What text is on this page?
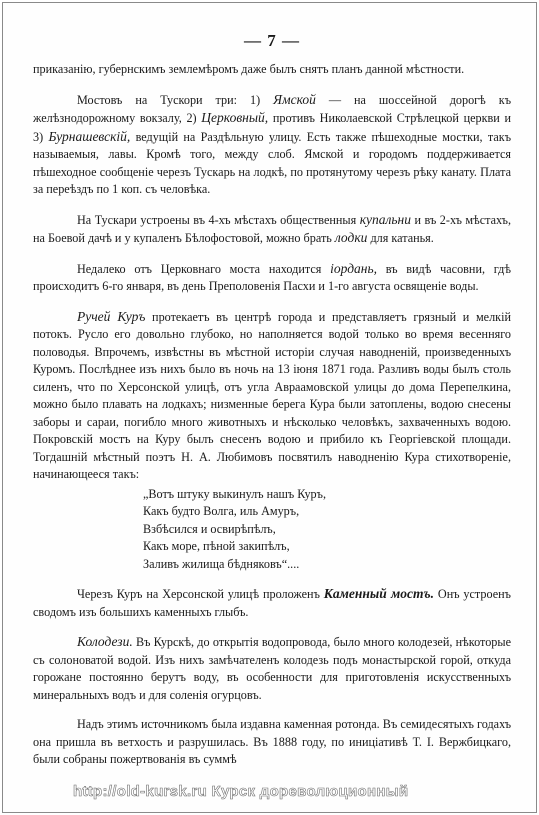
— 7 —

приказанію, губернскимъ землемѣромъ даже былъ снятъ планъ данной мѣстности.

Мостовъ на Тускори три: 1) Ямской — на шоссейной дорогѣ къ желѣзнодорожному вокзалу, 2) Церковный, противъ Николаевской Стрѣлецкой церкви и 3) Бурнашевскій, ведущій на Раздѣльную улицу. Есть также пѣшеходные мостки, такъ называемыя, лавы. Кромѣ того, между слоб. Ямской и городомъ поддерживается пѣшеходное сообщеніе черезъ Тускарь на лодкѣ, по протянутому черезъ рѣку канату. Плата за переѣздъ по 1 коп. съ человѣка.

На Тускари устроены въ 4-хъ мѣстахъ общественныя купальни и въ 2-хъ мѣстахъ, на Боевой дачѣ и у купаленъ Бѣлофостовой, можно брать лодки для катанья.

Недалеко отъ Церковнаго моста находится іордань, въ видѣ часовни, гдѣ происходитъ 6-го января, въ день Преполовенія Пасхи и 1-го августа освященіе воды.

Ручей Куръ протекаетъ въ центрѣ города и представляетъ грязный и мелкій потокъ. Русло его довольно глубоко, но наполняется водой только во время весенняго половодья. Впрочемъ, извѣстны въ мѣстной исторіи случая наводненій, произведенныхъ Куромъ. Послѣднее изъ нихъ было въ ночь на 13 іюня 1871 года. Разливъ воды былъ столь силенъ, что по Херсонской улицѣ, отъ угла Авраамовской улицы до дома Перепелкина, можно было плавать на лодкахъ; низменные берега Кура были затоплены, водою снесены заборы и сараи, погибло много животныхъ и нѣсколько человѣкъ, захваченныхъ водою. Покровскій мостъ на Куру былъ снесенъ водою и прибило къ Георгіевской площади. Тогдашній мѣстный поэтъ Н. А. Любимовъ посвятилъ наводненію Кура стихотвореніе, начинающееся такъ:

„Вотъ штуку выкинулъ нашъ Куръ,
Какъ будто Волга, иль Амуръ,
Взбѣсился и освирѣпѣлъ,
Какъ море, пѣной закипѣлъ,
Заливъ жилища бѣдняковъ“....

Черезъ Куръ на Херсонской улицѣ проложенъ Каменный мостъ. Онъ устроенъ сводомъ изъ большихъ каменныхъ глыбъ.

Колодези. Въ Курскѣ, до открытія водопровода, было много колодезей, нѣкоторые съ солоноватой водой. Изъ нихъ замѣчателенъ колодезь подъ монастырской горой, откуда горожане постоянно берутъ воду, въ особенности для приготовленія искусственныхъ минеральныхъ водъ и для соленія огурцовъ.

Надъ этимъ источникомъ была издавна каменная ротонда. Въ семидесятыхъ годахъ она пришла въ ветхость и разрушилась. Въ 1888 году, по иниціативѣ Т. І. Вержбицкаго, были собраны пожертвованія въ суммѣ

http://old-kursk.ru Курск дореволюционный
